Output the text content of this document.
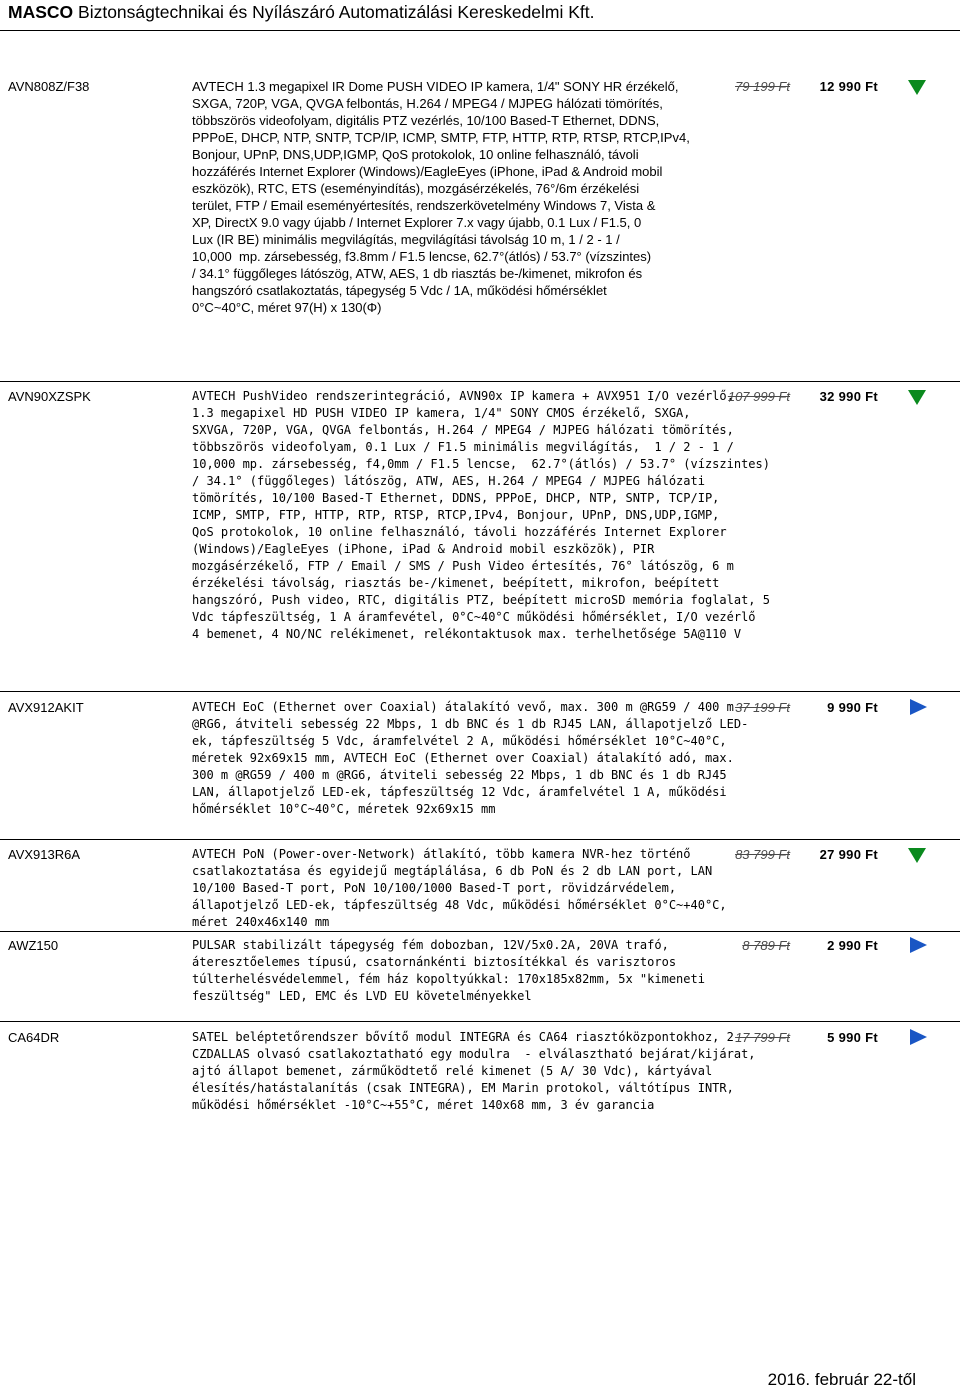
MASCO Biztonságtechnikai és Nyílászáró Automatizálási Kereskedelmi Kft.
AVN808Z/F38	AVTECH 1.3 megapixel IR Dome PUSH VIDEO IP kamera, 1/4" SONY HR érzékelő,
SXGA, 720P, VGA, QVGA felbontás, H.264 / MPEG4 / MJPEG hálózati tömörítés,
többszörös videofolyam, digitális PTZ vezérlés, 10/100 Based-T Ethernet, DDNS,
PPPoE, DHCP, NTP, SNTP, TCP/IP, ICMP, SMTP, FTP, HTTP, RTP, RTSP, RTCP,IPv4,
Bonjour, UPnP, DNS,UDP,IGMP, QoS protokolok, 10 online felhasználó, távoli
hozzáférés Internet Explorer (Windows)/EagleEyes (iPhone, iPad & Android mobil
eszközök), RTC, ETS (eseményindítás), mozgásérzékelés, 76°/6m érzékelési
terület, FTP / Email eseményértesítés, rendszerkövetelmény Windows 7, Vista &
XP, DirectX 9.0 vagy újabb / Internet Explorer 7.x vagy újabb, 0.1 Lux / F1.5, 0
Lux (IR BE) minimális megvilágítás, megvilágítási távolság 10 m, 1 / 2 - 1 /
10,000  mp. zársebesség, f3.8mm / F1.5 lencse, 62.7°(átlós) / 53.7° (vízszintes)
/ 34.1° függőleges látószög, ATW, AES, 1 db riasztás be-/kimenet, mikrofon és
hangszóró csatlakoztatás, tápegység 5 Vdc / 1A, működési hőmérséklet
0°C~40°C, méret 97(H) x 130(Φ)
79 199 Ft 12 990 Ft
AVN90XZSPK	AVTECH PushVideo rendszerintegráció, AVN90x IP kamera + AVX951 I/O vezérlő,
1.3 megapixel HD PUSH VIDEO IP kamera, 1/4" SONY CMOS érzékelő, SXGA,
SXVGA, 720P, VGA, QVGA felbontás, H.264 / MPEG4 / MJPEG hálózati tömörítés,
többszörös videofolyam, 0.1 Lux / F1.5 minimális megvilágítás,  1 / 2 - 1 /
10,000 mp. zársebesség, f4,0mm / F1.5 lencse,  62.7°(átlós) / 53.7° (vízszintes)
/ 34.1° (függőleges) látószög, ATW, AES, H.264 / MPEG4 / MJPEG hálózati
tömörítés, 10/100 Based-T Ethernet, DDNS, PPPoE, DHCP, NTP, SNTP, TCP/IP,
ICMP, SMTP, FTP, HTTP, RTP, RTSP, RTCP,IPv4, Bonjour, UPnP, DNS,UDP,IGMP,
QoS protokolok, 10 online felhasználó, távoli hozzáférés Internet Explorer
(Windows)/EagleEyes (iPhone, iPad & Android mobil eszközök), PIR
mozgásérzékelő, FTP / Email / SMS / Push Video értesítés, 76° látószög, 6 m
érzékelési távolság, riasztás be-/kimenet, beépített, mikrofon, beépített
hangszóró, Push video, RTC, digitális PTZ, beépített microSD memória foglalat, 5
Vdc tápfeszültség, 1 A áramfevétel, 0°C~40°C működési hőmérséklet, I/O vezérlő
4 bemenet, 4 NO/NC relékimenet, relékontaktusok max. terhelhetősége 5A@110 V
107 999 Ft 32 990 Ft
AVX912AKIT	AVTECH EoC (Ethernet over Coaxial) átalakító vevő, max. 300 m @RG59 / 400 m
@RG6, átviteli sebesség 22 Mbps, 1 db BNC és 1 db RJ45 LAN, állapotjelző LED-
ek, tápfeszültség 5 Vdc, áramfelvétel 2 A, működési hőmérséklet 10°C~40°C,
méretek 92x69x15 mm, AVTECH EoC (Ethernet over Coaxial) átalakító adó, max.
300 m @RG59 / 400 m @RG6, átviteli sebesség 22 Mbps, 1 db BNC és 1 db RJ45
LAN, állapotjelző LED-ek, tápfeszültség 12 Vdc, áramfelvétel 1 A, működési
hőmérséklet 10°C~40°C, méretek 92x69x15 mm
37 199 Ft	9 990 Ft
AVX913R6A	AVTECH PoN (Power-over-Network) átlakító, több kamera NVR-hez történő
csatlakoztatása és egyidejű megtáplálása, 6 db PoN és 2 db LAN port, LAN
10/100 Based-T port, PoN 10/100/1000 Based-T port, rövidzárvédelem,
állapotjelző LED-ek, tápfeszültség 48 Vdc, működési hőmérséklet 0°C~+40°C,
méret 240x46x140 mm
83 799 Ft 27 990 Ft
AWZ150	PULSAR stabilizált tápegység fém dobozban, 12V/5x0.2A, 20VA trafó,
áteresztőelemes típusú, csatornánkénti biztosítékkal és varisztoros
túlterhelésvédelemmel, fém ház kopoltyúkkal: 170x185x82mm, 5x "kimeneti
feszültség" LED, EMC és LVD EU követelményekkel
8 789 Ft	2 990 Ft
CA64DR	SATEL beléptetőrendszer bővítő modul INTEGRA és CA64 riasztóközpontokhoz, 2
CZDALLAS olvasó csatlakoztatható egy modulra  - elválasztható bejárat/kijárat,
ajtó állapot bemenet, zárműködtető relé kimenet (5 A/ 30 Vdc), kártyával
élesítés/hatástalanítás (csak INTEGRA), EM Marin protokol, váltótípus INTR,
működési hőmérséklet -10°C~+55°C, méret 140x68 mm, 3 év garancia
17 799 Ft	5 990 Ft
2016. február 22-től
